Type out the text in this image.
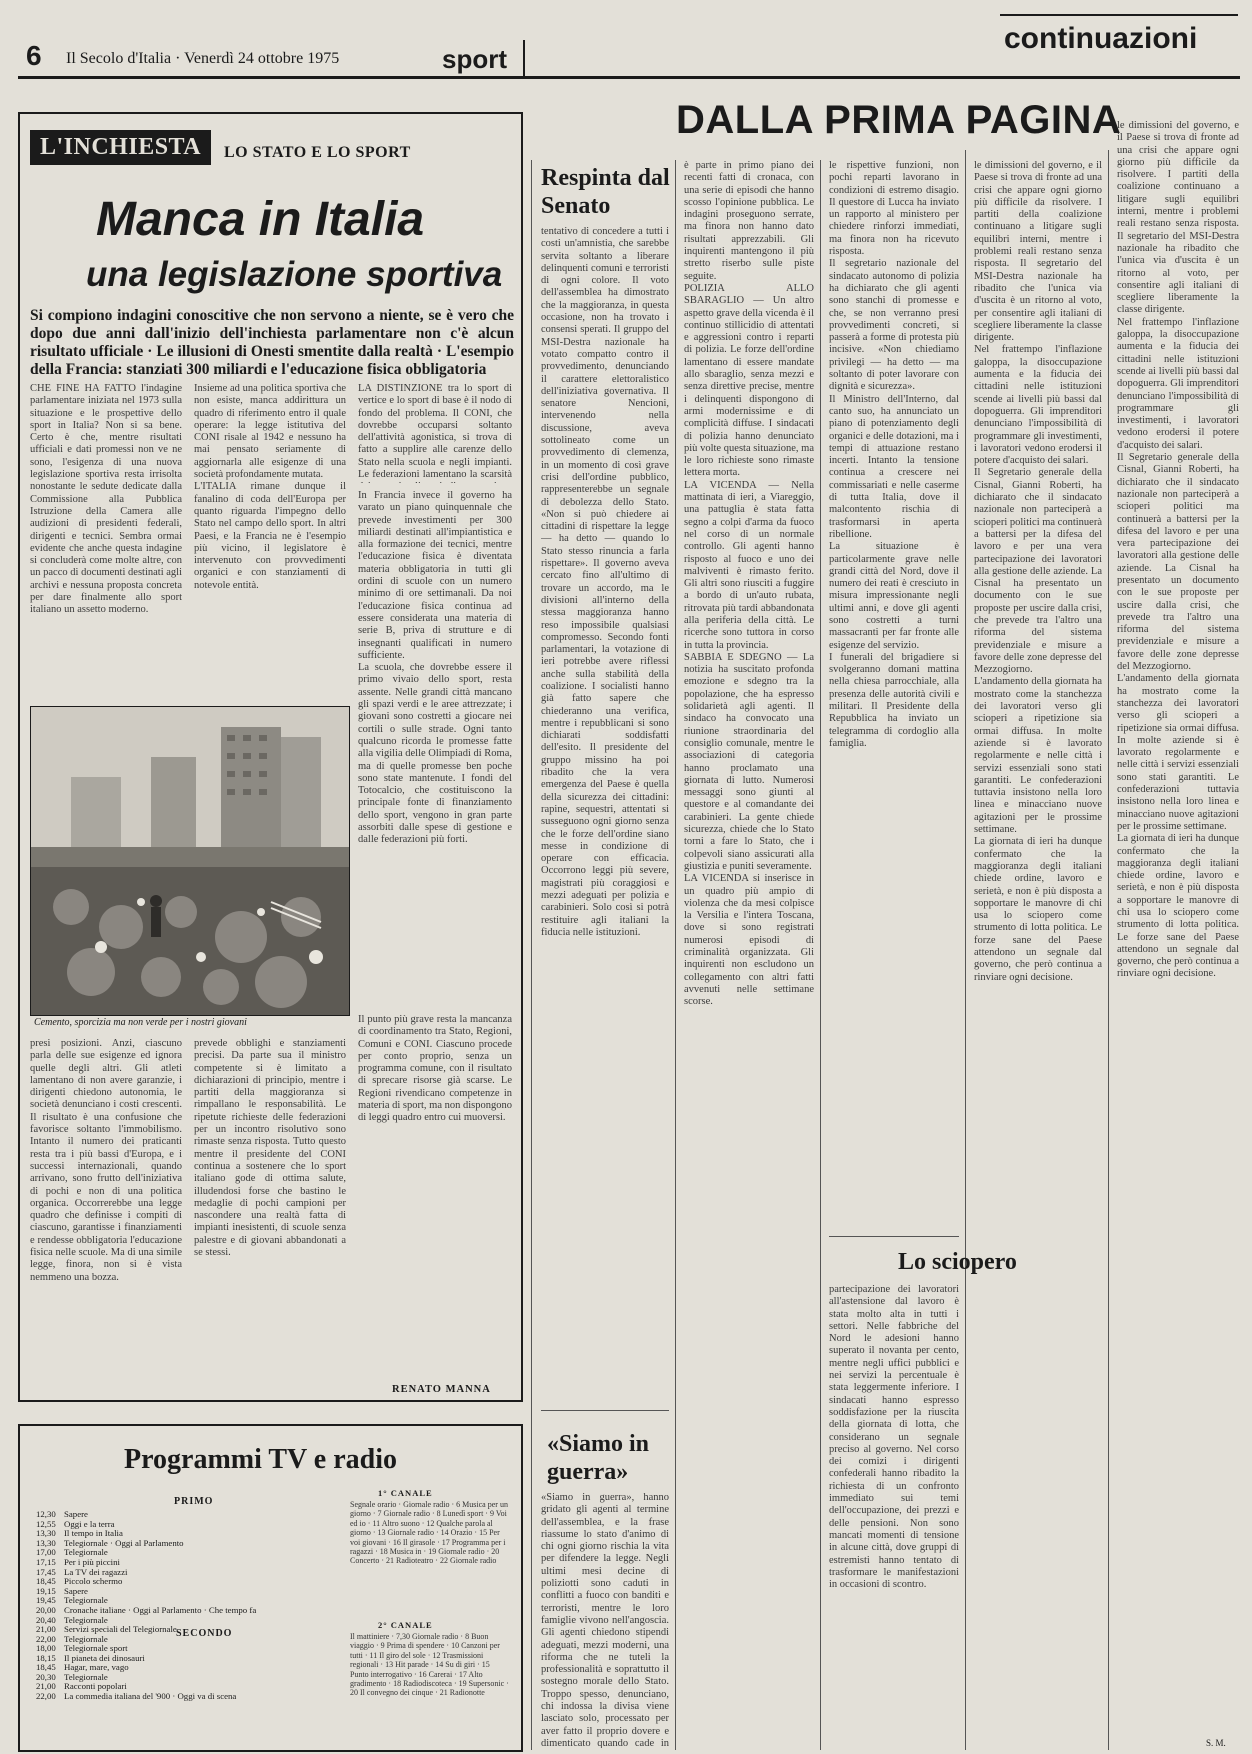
6 Il Secolo d'Italia · Venerdì 24 ottobre 1975	sport
continuazioni
L'INCHIESTA	LO STATO E LO SPORT
Manca in Italia
una legislazione sportiva
Si compiono indagini conoscitive che non servono a niente, se è vero che dopo due anni dall'inizio dell'inchiesta parlamentare non c'è alcun risultato ufficiale · Le illusioni di Onesti smentite dalla realtà · L'esempio della Francia: stanziati 300 miliardi e l'educazione fisica obbligatoria
CHE FINE HA FATTO l'indagine parlamentare iniziata nel 1973 sulla situazione e le prospettive dello sport in Italia? Non si sa bene. Certo è che, mentre risultati ufficiali e dati promessi non ve ne sono, l'esigenza di una nuova legislazione sportiva resta irrisolta nonostante le sedute dedicate dalla Commissione alla Pubblica Istruzione della Camera alle audizioni di presidenti federali, dirigenti e tecnici. Sembra ormai evidente che anche questa indagine si concluderà come molte altre, con un pacco di documenti destinati agli archivi e nessuna proposta concreta per dare finalmente allo sport italiano un assetto moderno.
Insieme ad una politica sportiva che non esiste, manca addirittura un quadro di riferimento entro il quale operare: la legge istitutiva del CONI risale al 1942 e nessuno ha mai pensato seriamente di aggiornarla alle esigenze di una società profondamente mutata.
L'ITALIA rimane dunque il fanalino di coda dell'Europa per quanto riguarda l'impegno dello Stato nel campo dello sport. In altri Paesi, e la Francia ne è l'esempio più vicino, il legislatore è intervenuto con provvedimenti organici e con stanziamenti di notevole entità.
LA DISTINZIONE tra lo sport di vertice e lo sport di base è il nodo di fondo del problema. Il CONI, che dovrebbe occuparsi soltanto dell'attività agonistica, si trova di fatto a supplire alle carenze dello Stato nella scuola e negli impianti. Le federazioni lamentano la scarsità
In Francia invece il governo ha varato un piano quinquennale che prevede investimenti per 300 miliardi destinati all'impiantistica e alla formazione dei tecnici, mentre l'educazione fisica è diventata materia obbligatoria in tutti gli ordini di scuole con un numero minimo di ore settimanali. Da noi l'educazione fisica continua ad essere considerata una materia di serie B, priva di strutture e di insegnanti qualificati in numero sufficiente.
La scuola, che dovrebbe essere il primo vivaio dello sport, resta assente. Nelle grandi città mancano gli spazi verdi e le aree attrezzate; i giovani sono costretti a giocare nei cortili o sulle strade. Ogni tanto qualcuno ricorda le promesse fatte alla vigilia delle Olimpiadi di Roma, ma di quelle promesse ben poche sono state mantenute. I fondi del Totocalcio, che costituiscono la principale fonte di finanziamento dello sport, vengono in gran parte assorbiti dalle spese di gestione e dalle federazioni più forti.
Cemento, sporcizia ma non verde per i nostri giovani
presi posizioni. Anzi, ciascuno parla delle sue esigenze ed ignora quelle degli altri. Gli atleti lamentano di non avere garanzie, i dirigenti chiedono autonomia, le società denunciano i costi crescenti. Il risultato è una confusione che favorisce soltanto l'immobilismo. Intanto il numero dei praticanti resta tra i più bassi d'Europa, e i successi internazionali, quando arrivano, sono frutto dell'iniziativa di pochi e non di una politica organica. Occorrerebbe una legge quadro che definisse i compiti di ciascuno, garantisse i finanziamenti e rendesse obbligatoria l'educazione fisica nelle scuole. Ma di una simile legge, finora, non si è vista nemmeno una bozza.
prevede obblighi e stanziamenti precisi. Da parte sua il ministro competente si è limitato a dichiarazioni di principio, mentre i partiti della maggioranza si rimpallano le responsabilità. Le ripetute richieste delle federazioni per un incontro risolutivo sono rimaste senza risposta. Tutto questo mentre il presidente del CONI continua a sostenere che lo sport italiano gode di ottima salute, illudendosi forse che bastino le medaglie di pochi campioni per nascondere una realtà fatta di impianti inesistenti, di scuole senza palestre e di giovani abbandonati a se stessi.
Il punto più grave resta la mancanza di coordinamento tra Stato, Regioni, Comuni e CONI. Ciascuno procede per conto proprio, senza un programma comune, con il risultato di sprecare risorse già scarse. Le Regioni rivendicano competenze in materia di sport, ma non dispongono di leggi quadro entro cui muoversi.
RENATO MANNA
Programmi TV e radio
PRIMO
12,30 Sapere
12,55 Oggi e la terra
13,30 Il tempo in Italia
13,30 Telegiornale · Oggi al Parlamento
17,00 Telegiornale
17,15 Per i più piccini
17,45 La TV dei ragazzi
18,45 Piccolo schermo
19,15 Sapere
19,45 Telegiornale
20,00 Cronache italiane · Oggi al Parlamento · Che tempo fa
20,40 Telegiornale
21,00 Servizi speciali del Telegiornale
22,00 Telegiornale	SECONDO
18,00 Telegiornale sport
18,15 Il pianeta dei dinosauri
18,45 Hagar, mare, vago
20,30 Telegiornale
21,00 Racconti popolari
22,00 La commedia italiana del '900 · Oggi va di scena
1° CANALE
Segnale orario · Giornale radio · 6 Musica per un giorno · 7 Giornale radio · 8 Lunedì sport · 9 Voi ed io · 11 Altro suono · 12 Qualche parola al giorno · 13 Giornale radio · 14 Orazio · 15 Per voi giovani · 16 Il girasole · 17 Programma per i ragazzi · 18 Musica in · 19 Giornale radio · 20 Concerto · 21 Radioteatro · 22 Giornale radio
2° CANALE
Il mattiniere · 7,30 Giornale radio · 8 Buon viaggio · 9 Prima di spendere · 10 Canzoni per tutti · 11 Il giro del sole · 12 Trasmissioni regionali · 13 Hit parade · 14 Su di giri · 15 Punto interrogativo · 16 Carerai · 17 Alto gradimento · 18 Radiodiscoteca · 19 Supersonic · 20 Il convegno dei cinque · 21 Radionotte
DALLA PRIMA PAGINA
Respinta dal Senato
tentativo di concedere a tutti i costi un'amnistia, che sarebbe servita soltanto a liberare delinquenti comuni e terroristi di ogni colore. Il voto dell'assemblea ha dimostrato che la maggioranza, in questa occasione, non ha trovato i consensi sperati. Il gruppo del MSI-Destra nazionale ha votato compatto contro il provvedimento, denunciando il carattere elettoralistico dell'iniziativa governativa. Il senatore Nencioni, intervenendo nella discussione, aveva sottolineato come un provvedimento di clemenza, in un momento di così grave crisi dell'ordine pubblico, rappresenterebbe un segnale di debolezza dello Stato. «Non si può chiedere ai cittadini di rispettare la legge — ha detto — quando lo Stato stesso rinuncia a farla rispettare». Il governo aveva cercato fino all'ultimo di trovare un accordo, ma le divisioni all'interno della stessa maggioranza hanno reso impossibile qualsiasi compromesso. Secondo fonti parlamentari, la votazione di ieri potrebbe avere riflessi anche sulla stabilità della coalizione. I socialisti hanno già fatto sapere che chiederanno una verifica, mentre i repubblicani si sono dichiarati soddisfatti dell'esito. Il presidente del gruppo missino ha poi ribadito che la vera emergenza del Paese è quella della sicurezza dei cittadini: rapine, sequestri, attentati si susseguono ogni giorno senza che le forze dell'ordine siano messe in condizione di operare con efficacia. Occorrono leggi più severe, magistrati più coraggiosi e mezzi adeguati per polizia e carabinieri. Solo così si potrà restituire agli italiani la fiducia nelle istituzioni.
«Siamo in guerra»
«Siamo in guerra», hanno gridato gli agenti al termine dell'assemblea, e la frase riassume lo stato d'animo di chi ogni giorno rischia la vita per difendere la legge. Negli ultimi mesi decine di poliziotti sono caduti in conflitti a fuoco con banditi e terroristi, mentre le loro famiglie vivono nell'angoscia. Gli agenti chiedono stipendi adeguati, mezzi moderni, una riforma che ne tuteli la professionalità e soprattutto il sostegno morale dello Stato. Troppo spesso, denunciano, chi indossa la divisa viene lasciato solo, processato per aver fatto il proprio dovere e dimenticato quando cade in
è parte in primo piano dei recenti fatti di cronaca, con una serie di episodi che hanno scosso l'opinione pubblica. Le indagini proseguono serrate, ma finora non hanno dato risultati apprezzabili. Gli inquirenti mantengono il più stretto riserbo sulle piste seguite.
POLIZIA ALLO SBARAGLIO — Un altro aspetto grave della vicenda è il continuo stillicidio di attentati e aggressioni contro i reparti di polizia. Le forze dell'ordine lamentano di essere mandate allo sbaraglio, senza mezzi e senza direttive precise, mentre i delinquenti dispongono di armi modernissime e di complicità diffuse. I sindacati di polizia hanno denunciato più volte questa situazione, ma le loro richieste sono rimaste lettera morta.
LA VICENDA — Nella mattinata di ieri, a Viareggio, una pattuglia è stata fatta segno a colpi d'arma da fuoco nel corso di un normale controllo. Gli agenti hanno risposto al fuoco e uno dei malviventi è rimasto ferito. Gli altri sono riusciti a fuggire a bordo di un'auto rubata, ritrovata più tardi abbandonata alla periferia della città. Le ricerche sono tuttora in corso in tutta la provincia.
SABBIA E SDEGNO — La notizia ha suscitato profonda emozione e sdegno tra la popolazione, che ha espresso solidarietà agli agenti. Il sindaco ha convocato una riunione straordinaria del consiglio comunale, mentre le associazioni di categoria hanno proclamato una giornata di lutto. Numerosi messaggi sono giunti al questore e al comandante dei carabinieri. La gente chiede sicurezza, chiede che lo Stato torni a fare lo Stato, che i colpevoli siano assicurati alla giustizia e puniti severamente.
LA VICENDA si inserisce in un quadro più ampio di violenza che da mesi colpisce la Versilia e l'intera Toscana, dove si sono registrati numerosi episodi di criminalità organizzata. Gli inquirenti non escludono un collegamento con altri fatti avvenuti nelle settimane scorse.
le rispettive funzioni, non pochi reparti lavorano in condizioni di estremo disagio. Il questore di Lucca ha inviato un rapporto al ministero per chiedere rinforzi immediati, ma finora non ha ricevuto risposta.
Il segretario nazionale del sindacato autonomo di polizia ha dichiarato che gli agenti sono stanchi di promesse e che, se non verranno presi provvedimenti concreti, si passerà a forme di protesta più incisive. «Non chiediamo privilegi — ha detto — ma soltanto di poter lavorare con dignità e sicurezza».
Il Ministro dell'Interno, dal canto suo, ha annunciato un piano di potenziamento degli organici e delle dotazioni, ma i tempi di attuazione restano incerti. Intanto la tensione continua a crescere nei commissariati e nelle caserme di tutta Italia, dove il malcontento rischia di trasformarsi in aperta ribellione.
La situazione è particolarmente grave nelle grandi città del Nord, dove il numero dei reati è cresciuto in misura impressionante negli ultimi anni, e dove gli agenti sono costretti a turni massacranti per far fronte alle esigenze del servizio.
I funerali del brigadiere si svolgeranno domani mattina nella chiesa parrocchiale, alla presenza delle autorità civili e militari. Il Presidente della Repubblica ha inviato un telegramma di cordoglio alla famiglia.
Lo sciopero
partecipazione dei lavoratori all'astensione dal lavoro è stata molto alta in tutti i settori. Nelle fabbriche del Nord le adesioni hanno superato il novanta per cento, mentre negli uffici pubblici e nei servizi la percentuale è stata leggermente inferiore. I sindacati hanno espresso soddisfazione per la riuscita della giornata di lotta, che considerano un segnale preciso al governo. Nel corso dei comizi i dirigenti confederali hanno ribadito la richiesta di un confronto immediato sui temi dell'occupazione, dei prezzi e delle pensioni. Non sono mancati momenti di tensione in alcune città, dove gruppi di estremisti hanno tentato di trasformare le manifestazioni in occasioni di scontro.
le dimissioni del governo, e il Paese si trova di fronte ad una crisi che appare ogni giorno più difficile da risolvere. I partiti della coalizione continuano a litigare sugli equilibri interni, mentre i problemi reali restano senza risposta. Il segretario del MSI-Destra nazionale ha ribadito che l'unica via d'uscita è un ritorno al voto, per consentire agli italiani di scegliere liberamente la classe dirigente.
Nel frattempo l'inflazione galoppa, la disoccupazione aumenta e la fiducia dei cittadini nelle istituzioni scende ai livelli più bassi dal dopoguerra. Gli imprenditori denunciano l'impossibilità di programmare gli investimenti, i lavoratori vedono erodersi il potere d'acquisto dei salari.
Il Segretario generale della Cisnal, Gianni Roberti, ha dichiarato che il sindacato nazionale non parteciperà a scioperi politici ma continuerà a battersi per la difesa del lavoro e per una vera partecipazione dei lavoratori alla gestione delle aziende. La Cisnal ha presentato un documento con le sue proposte per uscire dalla crisi, che prevede tra l'altro una riforma del sistema previdenziale e misure a favore delle zone depresse del Mezzogiorno.
L'andamento della giornata ha mostrato come la stanchezza dei lavoratori verso gli scioperi a ripetizione sia ormai diffusa. In molte aziende si è lavorato regolarmente e nelle città i servizi essenziali sono stati garantiti. Le confederazioni tuttavia insistono nella loro linea e minacciano nuove agitazioni per le prossime settimane.
La giornata di ieri ha dunque confermato che la maggioranza degli italiani chiede ordine, lavoro e serietà, e non è più disposta a sopportare le manovre di chi usa lo sciopero come strumento di lotta politica. Le forze sane del Paese attendono un segnale dal governo, che però continua a rinviare ogni decisione.
le dimissioni del governo, e il Paese si trova di fronte ad una crisi che appare ogni giorno più difficile da risolvere. I partiti della coalizione continuano a litigare sugli equilibri interni, mentre i problemi reali restano senza risposta. Il segretario del MSI-Destra nazionale ha ribadito che l'unica via d'uscita è un ritorno al voto, per consentire agli italiani di scegliere liberamente la classe dirigente.
Nel frattempo l'inflazione galoppa, la disoccupazione aumenta e la fiducia dei cittadini nelle istituzioni scende ai livelli più bassi dal dopoguerra. Gli imprenditori denunciano l'impossibilità di programmare gli investimenti, i lavoratori vedono erodersi il potere d'acquisto dei salari.
Il Segretario generale della Cisnal, Gianni Roberti, ha dichiarato che il sindacato nazionale non parteciperà a scioperi politici ma continuerà a battersi per la difesa del lavoro e per una vera partecipazione dei lavoratori alla gestione delle aziende. La Cisnal ha presentato un documento con le sue proposte per uscire dalla crisi, che prevede tra l'altro una riforma del sistema previdenziale e misure a favore delle zone depresse del Mezzogiorno.
L'andamento della giornata ha mostrato come la stanchezza dei lavoratori verso gli scioperi a ripetizione sia ormai diffusa. In molte aziende si è lavorato regolarmente e nelle città i servizi essenziali sono stati garantiti. Le confederazioni tuttavia insistono nella loro linea e minacciano nuove agitazioni per le prossime settimane.
La giornata di ieri ha dunque confermato che la maggioranza degli italiani chiede ordine, lavoro e serietà, e non è più disposta a sopportare le manovre di chi usa lo sciopero come strumento di lotta politica. Le forze sane del Paese attendono un segnale dal governo, che però continua a rinviare ogni decisione.
S. M.
